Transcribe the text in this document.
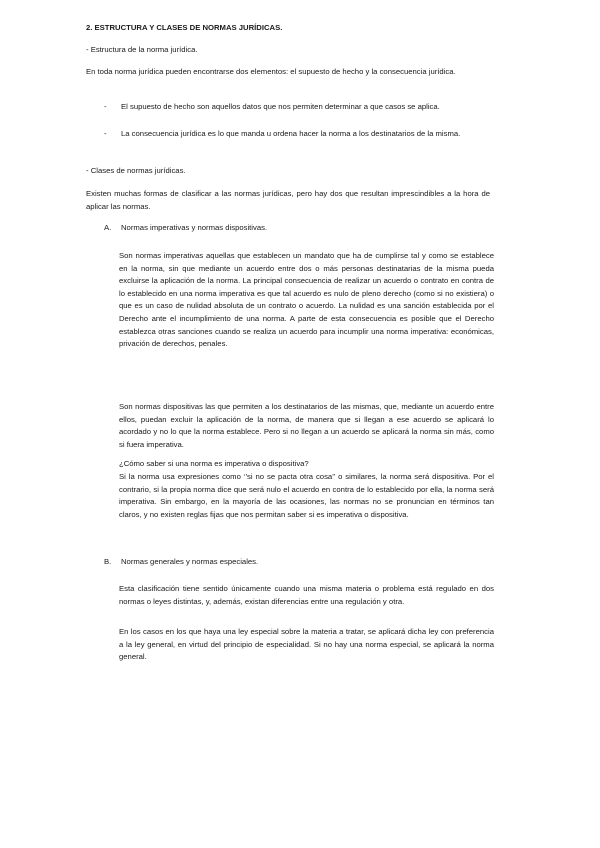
2. ESTRUCTURA Y CLASES DE NORMAS JURÍDICAS.

- Estructura de la norma jurídica.

En toda norma jurídica pueden encontrarse dos elementos: el supuesto de hecho y la consecuencia jurídica.

- El supuesto de hecho son aquellos datos que nos permiten determinar a que casos se aplica.

- La consecuencia jurídica es lo que manda u ordena hacer la norma a los destinatarios de la misma.

- Clases de normas jurídicas.

Existen muchas formas de clasificar a las normas jurídicas, pero hay dos que resultan imprescindibles a la hora de aplicar las normas.

A. Normas imperativas y normas dispositivas.

Son normas imperativas aquellas que establecen un mandato que ha de cumplirse tal y como se establece en la norma, sin que mediante un acuerdo entre dos o más personas destinatarias de la misma pueda excluirse la aplicación de la norma. La principal consecuencia de realizar un acuerdo o contrato en contra de lo establecido en una norma imperativa es que tal acuerdo es nulo de pleno derecho (como si no existiera) o que es un caso de nulidad absoluta de un contrato o acuerdo. La nulidad es una sanción establecida por el Derecho ante el incumplimiento de una norma. A parte de esta consecuencia es posible que el Derecho establezca otras sanciones cuando se realiza un acuerdo para incumplir una norma imperativa: económicas, privación de derechos, penales.

Son normas dispositivas las que permiten a los destinatarios de las mismas, que, mediante un acuerdo entre ellos, puedan excluir la aplicación de la norma, de manera que si llegan a ese acuerdo se aplicará lo acordado y no lo que la norma establece. Pero si no llegan a un acuerdo se aplicará la norma sin más, como si fuera imperativa.

¿Cómo saber si una norma es imperativa o dispositiva?

Si la norma usa expresiones como ‘’si no se pacta otra cosa’’ o similares, la norma será dispositiva. Por el contrario, si la propia norma dice que será nulo el acuerdo en contra de lo establecido por ella, la norma será imperativa. Sin embargo, en la mayoría de las ocasiones, las normas no se pronuncian en términos tan claros, y no existen reglas fijas que nos permitan saber si es imperativa o dispositiva.

B. Normas generales y normas especiales.

Esta clasificación tiene sentido únicamente cuando una misma materia o problema está regulado en dos normas o leyes distintas, y, además, existan diferencias entre una regulación y otra.

En los casos en los que haya una ley especial sobre la materia a tratar, se aplicará dicha ley con preferencia a la ley general, en virtud del principio de especialidad. Si no hay una norma especial, se aplicará la norma general.
